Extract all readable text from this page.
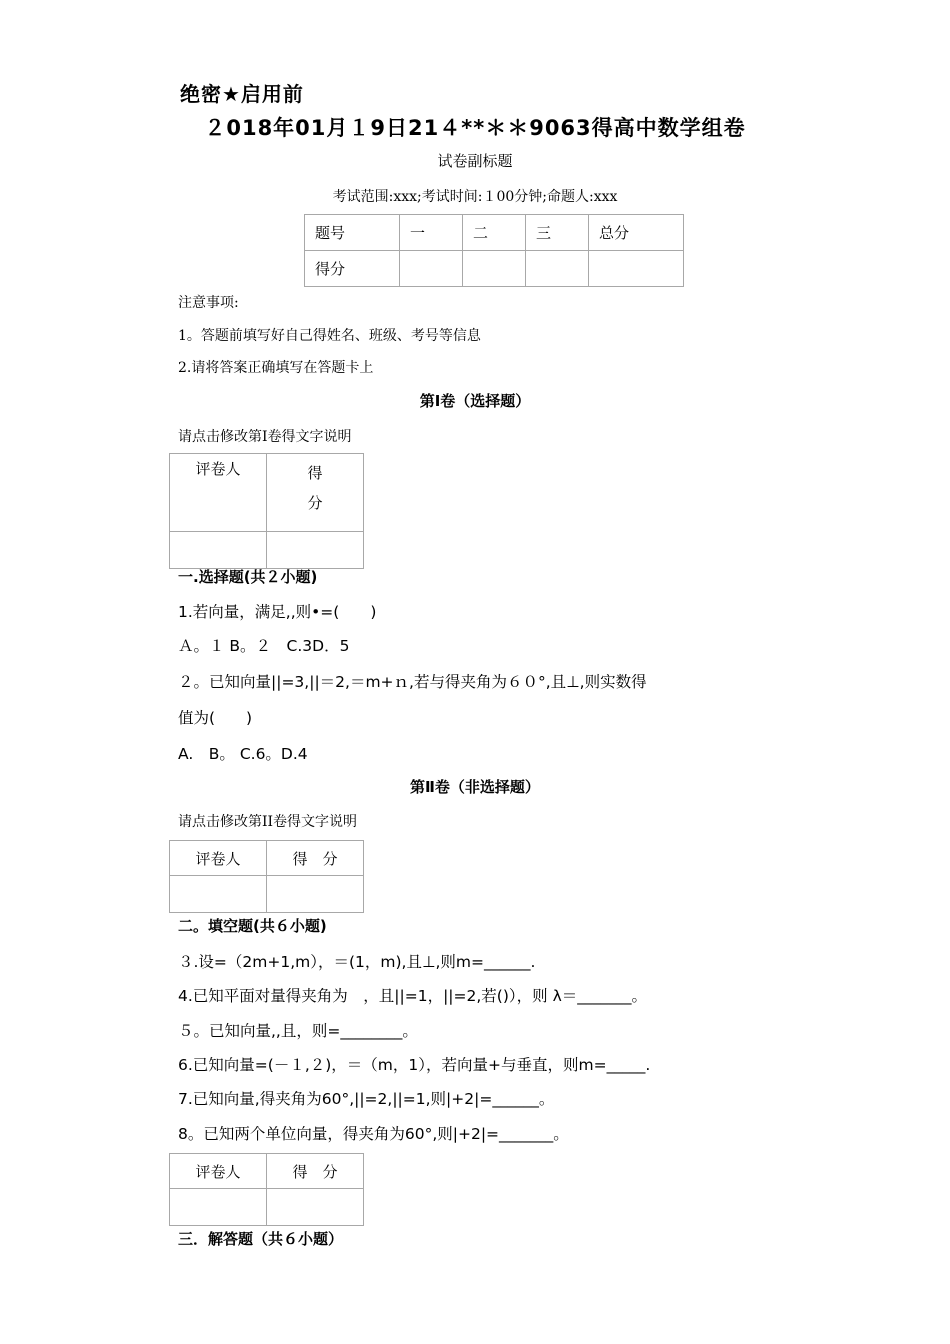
绝密★启用前
２018年01月１9日21４**＊＊9063得高中数学组卷
试卷副标题
考试范围:xxx;考试时间:１00分钟;命题人:xxx
题号	一	二	三	总分
得分				
注意事项:
1。答题前填写好自己得姓名、班级、考号等信息
2.请将答案正确填写在答题卡上
第Ⅰ卷（选择题）
请点击修改第I卷得文字说明
评卷人	得
分

一.选择题(共２小题)
1.若向量，满足,,则•=(　　)
Ａ。１ B。２　C.3D．5
２。已知向量||=3,||＝2,＝m+ｎ,若与得夹角为６０°,且⊥,则实数得
值为(　　)
A.　B。 C.6。D.4
第Ⅱ卷（非选择题）
请点击修改第II卷得文字说明
评卷人	得　分

二。填空题(共６小题)
３.设=（2m+1,m），＝(1，m),且⊥,则m=______.
4.已知平面对量得夹角为　，且||=1，||=2,若()），则 λ＝_______。
５。已知向量,,且，则=________。
6.已知向量=(－１,２)，＝（m，1），若向量+与垂直，则m=_____.
7.已知向量,得夹角为60°,||=2,||=1,则|+2|=______。
8。已知两个单位向量，得夹角为60°,则|+2|=_______。
评卷人	得　分

三．解答题（共６小题）
